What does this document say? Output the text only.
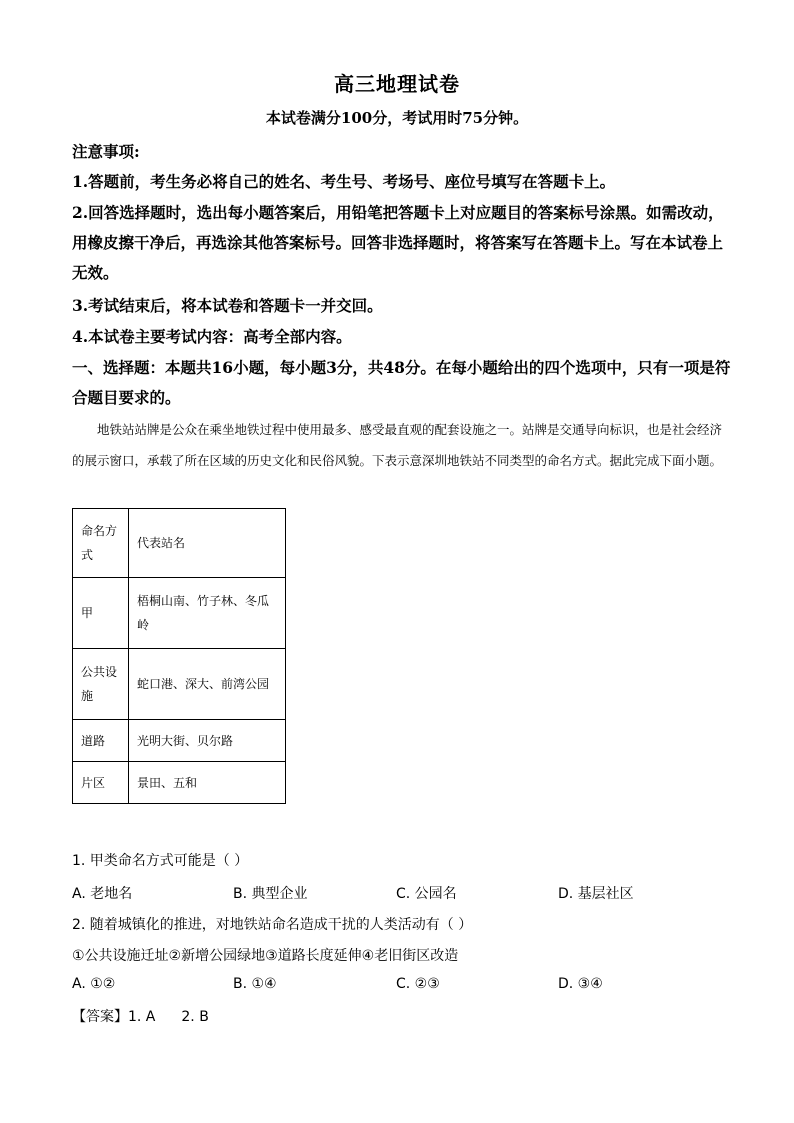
高三地理试卷
本试卷满分100分，考试用时75分钟。
注意事项:
1.答题前，考生务必将自己的姓名、考生号、考场号、座位号填写在答题卡上。
2.回答选择题时，选出每小题答案后，用铅笔把答题卡上对应题目的答案标号涂黑。如需改动，用橡皮擦干净后，再选涂其他答案标号。回答非选择题时，将答案写在答题卡上。写在本试卷上无效。
3.考试结束后，将本试卷和答题卡一并交回。
4.本试卷主要考试内容：高考全部内容。
一、选择题：本题共16小题，每小题3分，共48分。在每小题给出的四个选项中，只有一项是符合题目要求的。
地铁站站牌是公众在乘坐地铁过程中使用最多、感受最直观的配套设施之一。站牌是交通导向标识，也是社会经济的展示窗口，承载了所在区域的历史文化和民俗风貌。下表示意深圳地铁站不同类型的命名方式。据此完成下面小题。
命名方式	代表站名
甲	梧桐山南、竹子林、冬瓜岭
公共设施	蛇口港、深大、前湾公园
道路	光明大街、贝尔路
片区	景田、五和
1. 甲类命名方式可能是（ ）
A. 老地名	B. 典型企业	C. 公园名	D. 基层社区
2. 随着城镇化的推进，对地铁站命名造成干扰的人类活动有（ ）
①公共设施迁址②新增公园绿地③道路长度延伸④老旧街区改造
A. ①②	B. ①④	C. ②③	D. ③④
【答案】1. A 2. B
